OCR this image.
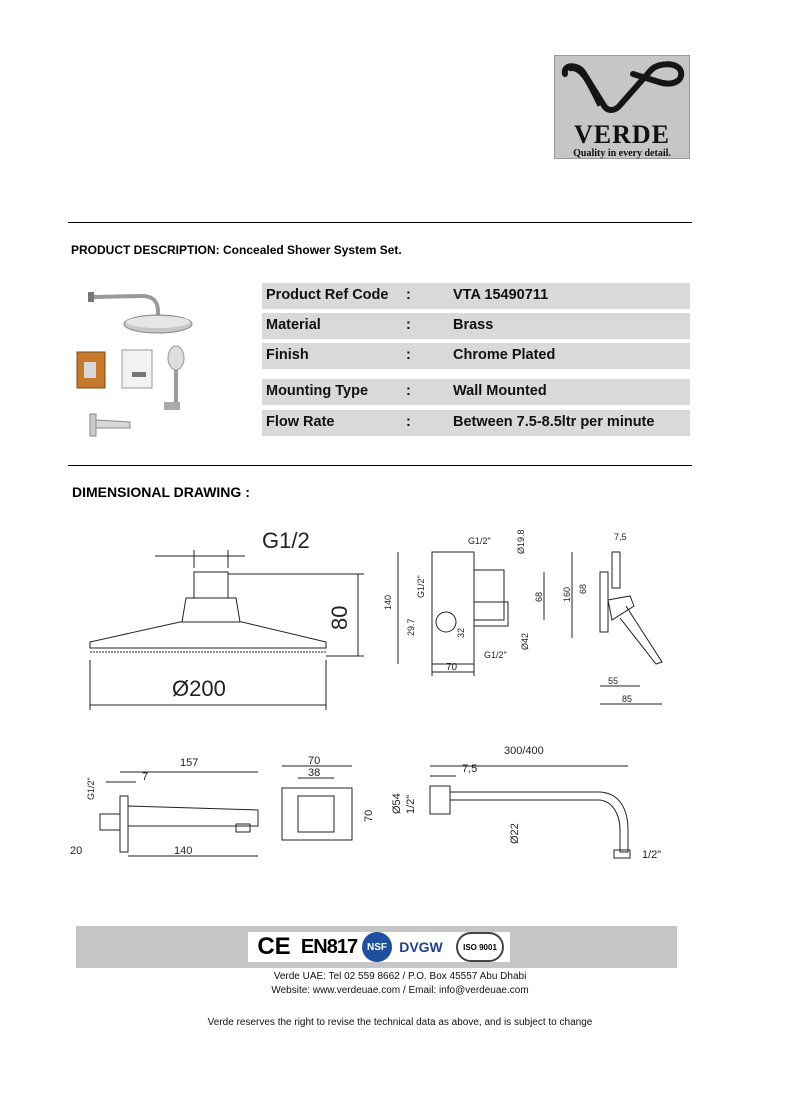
VERDE
Quality in every detail.
PRODUCT DESCRIPTION: Concealed Shower System Set.
Product Ref Code :	VTA 15490711
Material	:	Brass
Finish	:	Chrome Plated
Mounting Type	:	Wall Mounted
Flow Rate	:	Between 7.5-8.5ltr per minute
DIMENSIONAL DRAWING :
G1/2
80
Ø200
140
G1/2"
G1/2"	Ø19.8
68
29.7	32	Ø42
70
G1/2"
160 68
7,5
55
85
G1/2"
157
7
20	140
70
38
70
300/400
7,5
Ø54 1/2"
Ø22
1/2"
CE EN817 NSF DVGW	ISO 9001
Verde UAE: Tel 02 559 8662 / P.O. Box 45557 Abu Dhabi
Website: www.verdeuae.com / Email: info@verdeuae.com
Verde reserves the right to revise the technical data as above, and is subject to change
